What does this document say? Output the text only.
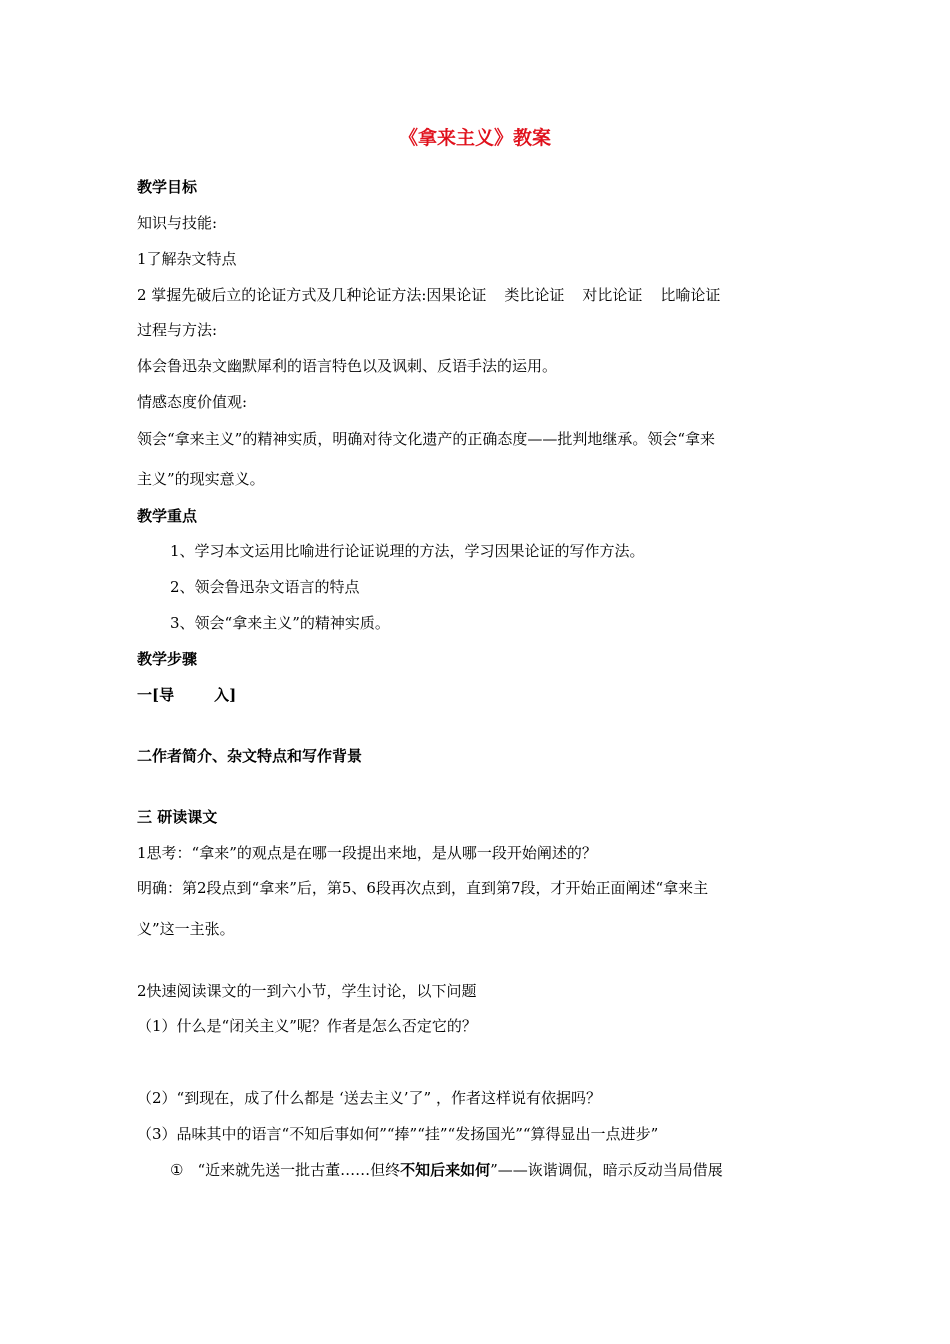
《拿来主义》教案
教学目标
知识与技能:
1了解杂文特点
2 掌握先破后立的论证方式及几种论证方法:因果论证 类比论证 对比论证 比喻论证
过程与方法:
体会鲁迅杂文幽默犀利的语言特色以及讽刺、反语手法的运用。
情感态度价值观:
领会“拿来主义”的精神实质，明确对待文化遗产的正确态度——批判地继承。领会“拿来
主义”的现实意义。
教学重点
1、学习本文运用比喻进行论证说理的方法，学习因果论证的写作方法。
2、领会鲁迅杂文语言的特点
3、领会“拿来主义”的精神实质。
教学步骤
一[导	入]
二作者简介、杂文特点和写作背景
三 研读课文
1思考：“拿来”的观点是在哪一段提出来地，是从哪一段开始阐述的？
明确：第2段点到“拿来”后，第5、6段再次点到，直到第7段，才开始正面阐述“拿来主
义”这一主张。
2快速阅读课文的一到六小节，学生讨论，以下问题
（1）什么是“闭关主义”呢？作者是怎么否定它的？
（2）“到现在，成了什么都是 ‘送去主义’了” ，作者这样说有依据吗？
（3）品味其中的语言“不知后事如何”“捧”“挂”“发扬国光”“算得显出一点进步”
① “近来就先送一批古董……但终不知后来如何”——诙谐调侃，暗示反动当局借展
